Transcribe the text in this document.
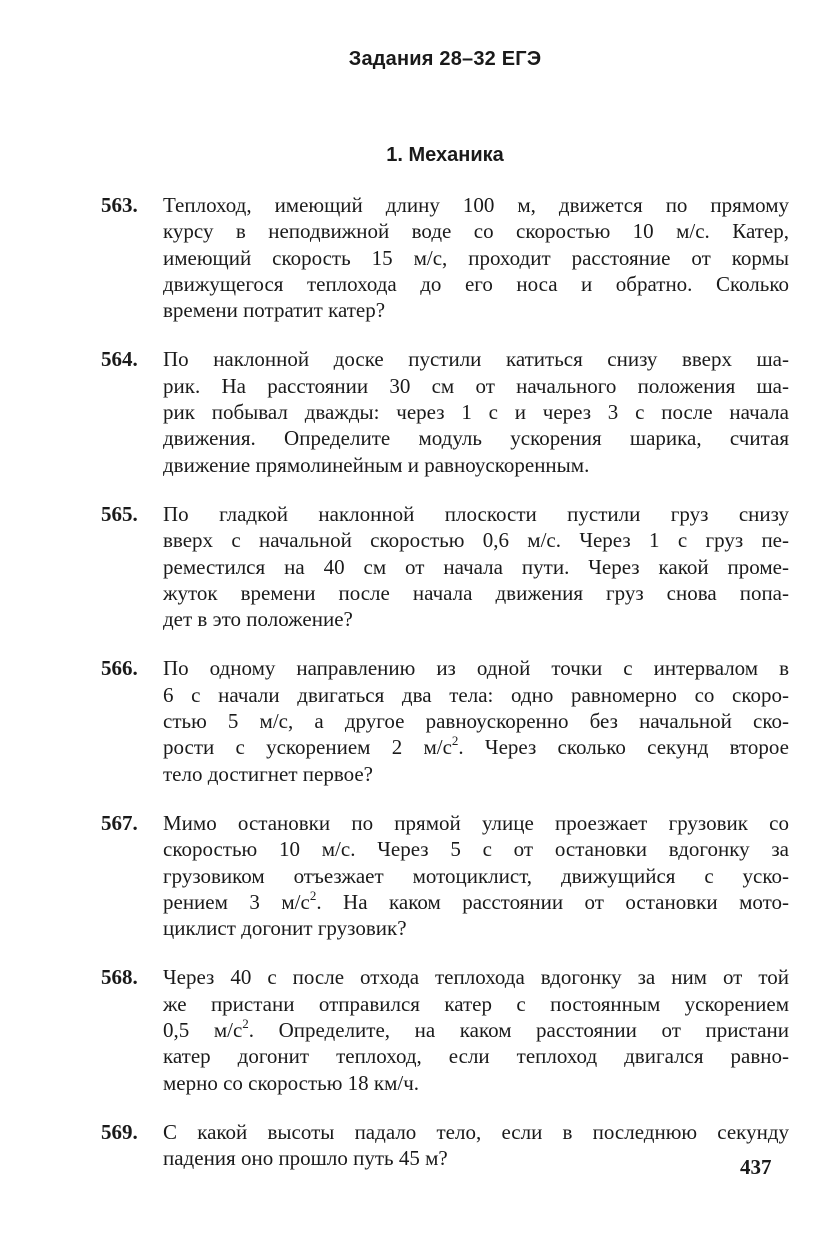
Задания 28–32 ЕГЭ
1. Механика
563. Теплоход, имеющий длину 100 м, движется по прямому
курсу в неподвижной воде со скоростью 10 м/с. Катер,
имеющий скорость 15 м/с, проходит расстояние от кормы
движущегося теплохода до его носа и обратно. Сколько
времени потратит катер?

564. По наклонной доске пустили катиться снизу вверх ша-
рик. На расстоянии 30 см от начального положения ша-
рик побывал дважды: через 1 с и через 3 с после начала
движения. Определите модуль ускорения шарика, считая
движение прямолинейным и равноускоренным.

565. По гладкой наклонной плоскости пустили груз снизу
вверх с начальной скоростью 0,6 м/с. Через 1 с груз пе-
реместился на 40 см от начала пути. Через какой проме-
жуток времени после начала движения груз снова попа-
дет в это положение?

566. По одному направлению из одной точки с интервалом в
6 с начали двигаться два тела: одно равномерно со скоро-
стью 5 м/с, а другое равноускоренно без начальной ско-
рости с ускорением 2 $м/с^2$. Через сколько секунд второе
тело достигнет первое?

567. Мимо остановки по прямой улице проезжает грузовик со
скоростью 10 м/с. Через 5 с от остановки вдогонку за
грузовиком отъезжает мотоциклист, движущийся с уско-
рением 3 $м/с^2$. На каком расстоянии от остановки мото-
циклист догонит грузовик?

568. Через 40 с после отхода теплохода вдогонку за ним от той
же пристани отправился катер с постоянным ускорением
0,5 $м/с^2$. Определите, на каком расстоянии от пристани
катер догонит теплоход, если теплоход двигался равно-
мерно со скоростью 18 км/ч.

569. С какой высоты падало тело, если в последнюю секунду
падения оно прошло путь 45 м?	437
